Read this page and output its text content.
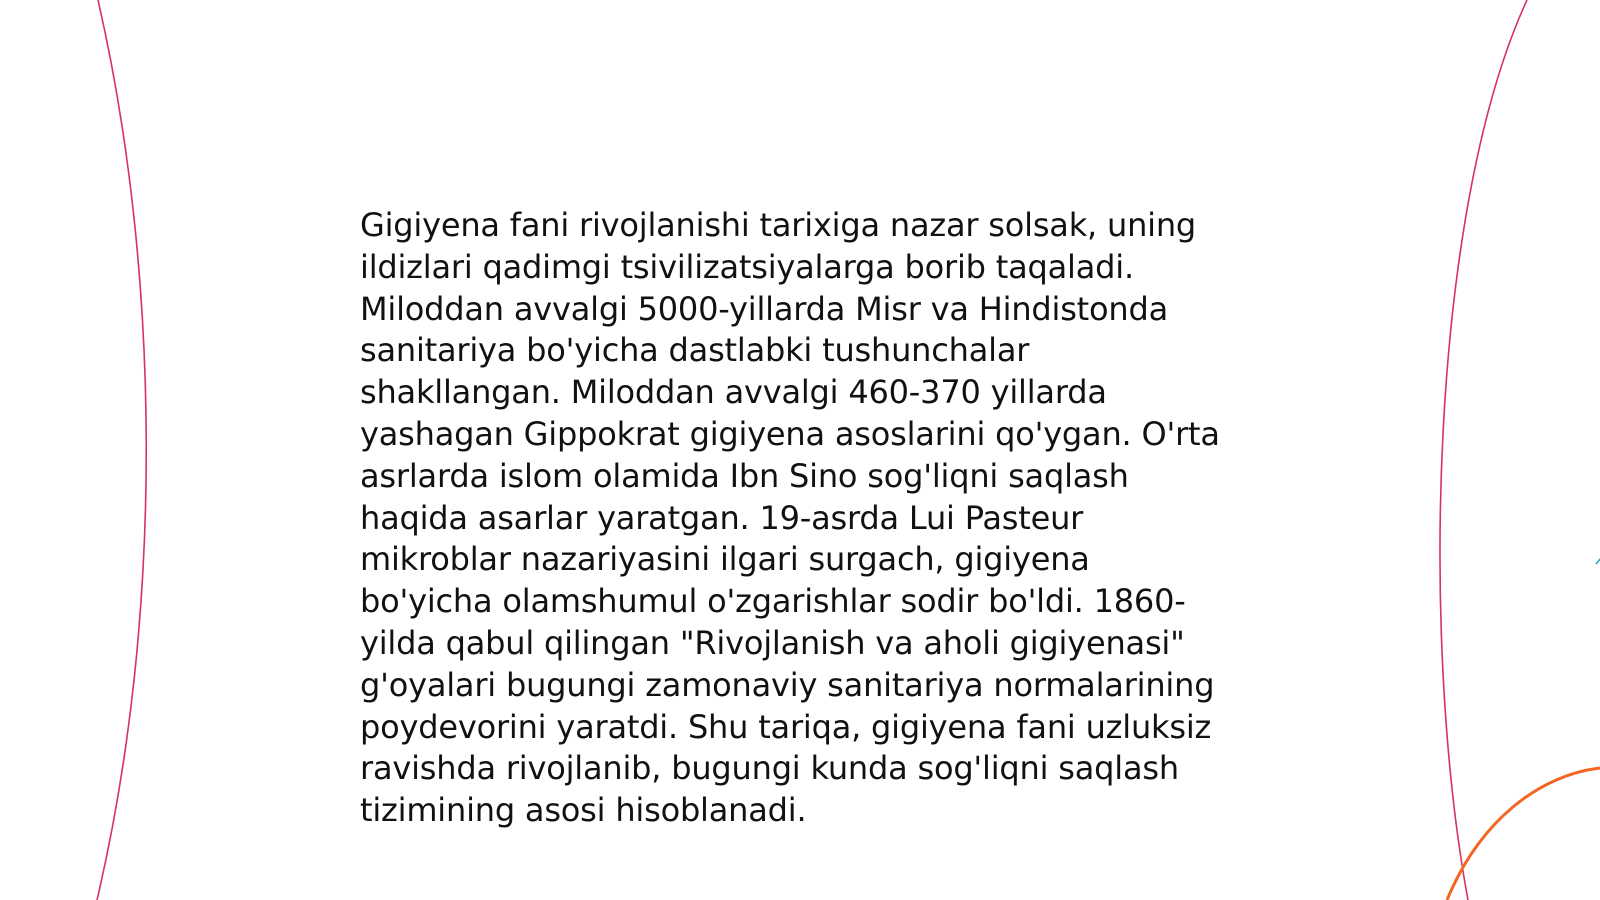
Gigiyena fani rivojlanishi tarixiga nazar solsak, uning
ildizlari qadimgi tsivilizatsiyalarga borib taqaladi.
Miloddan avvalgi 5000-yillarda Misr va Hindistonda
sanitariya bo'yicha dastlabki tushunchalar
shakllangan. Miloddan avvalgi 460-370 yillarda
yashagan Gippokrat gigiyena asoslarini qo'ygan. O'rta
asrlarda islom olamida Ibn Sino sog'liqni saqlash
haqida asarlar yaratgan. 19-asrda Lui Pasteur
mikroblar nazariyasini ilgari surgach, gigiyena
bo'yicha olamshumul o'zgarishlar sodir bo'ldi. 1860-
yilda qabul qilingan "Rivojlanish va aholi gigiyenasi"
g'oyalari bugungi zamonaviy sanitariya normalarining
poydevorini yaratdi. Shu tariqa, gigiyena fani uzluksiz
ravishda rivojlanib, bugungi kunda sog'liqni saqlash
tizimining asosi hisoblanadi.
